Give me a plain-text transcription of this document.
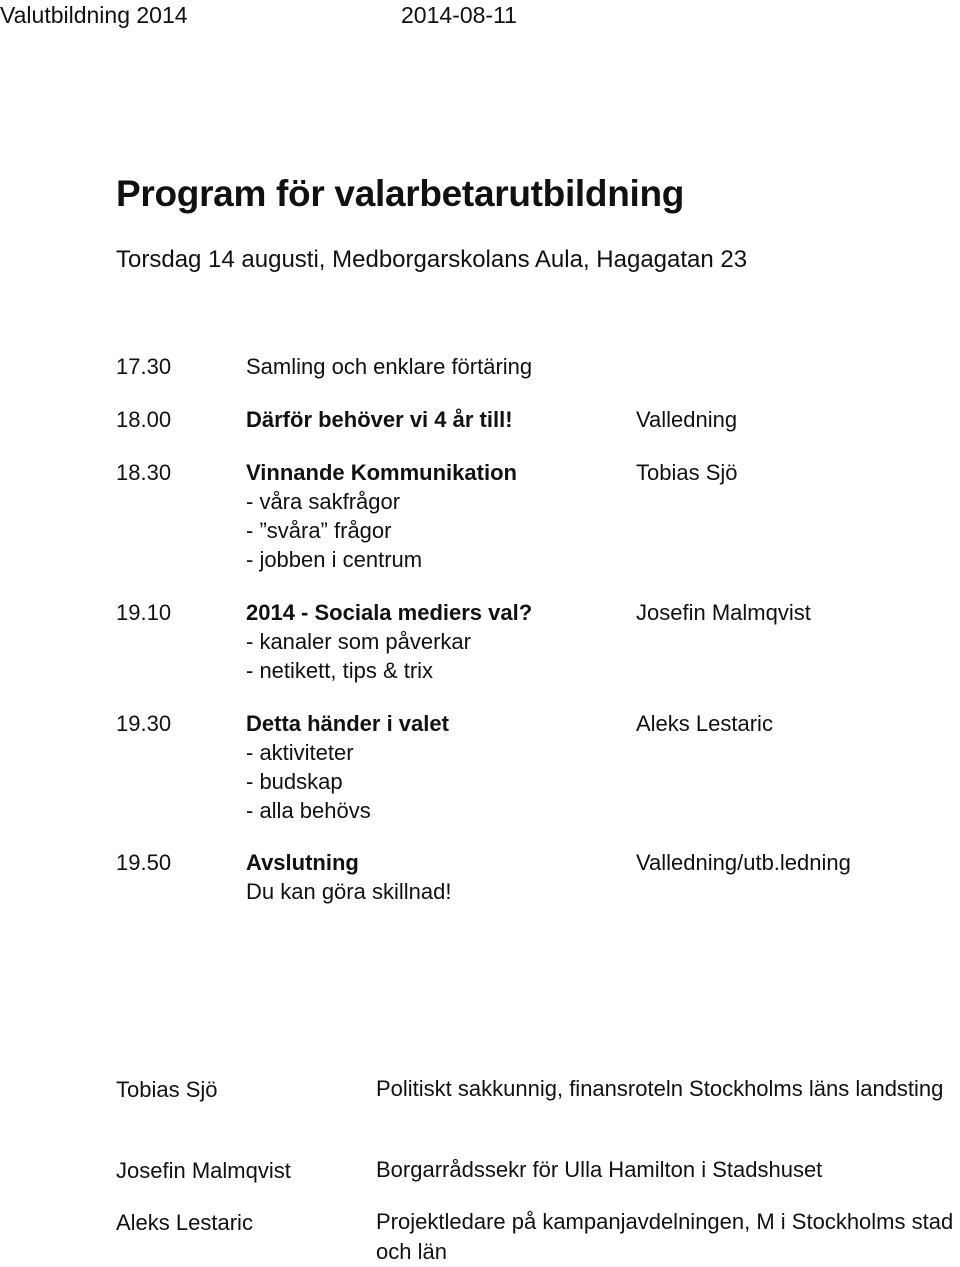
Valutbildning 2014	2014-08-11
Program för valarbetarutbildning
Torsdag 14 augusti, Medborgarskolans Aula, Hagagatan 23
17.30	Samling och enklare förtäring
18.00	Därför behöver vi 4 år till!	Valledning
18.30	Vinnande Kommunikation	Tobias Sjö
- våra sakfrågor
- ”svåra” frågor
- jobben i centrum
19.10	2014 - Sociala mediers val?	Josefin Malmqvist
- kanaler som påverkar
- netikett, tips & trix
19.30	Detta händer i valet	Aleks Lestaric
- aktiviteter
- budskap
- alla behövs
19.50	Avslutning	Valledning/utb.ledning
Du kan göra skillnad!
Tobias Sjö	Politiskt sakkunnig, finansroteln Stockholms läns landsting
Josefin Malmqvist	Borgarrådssekr för Ulla Hamilton i Stadshuset
Aleks Lestaric	Projektledare på kampanjavdelningen, M i Stockholms stad och län
